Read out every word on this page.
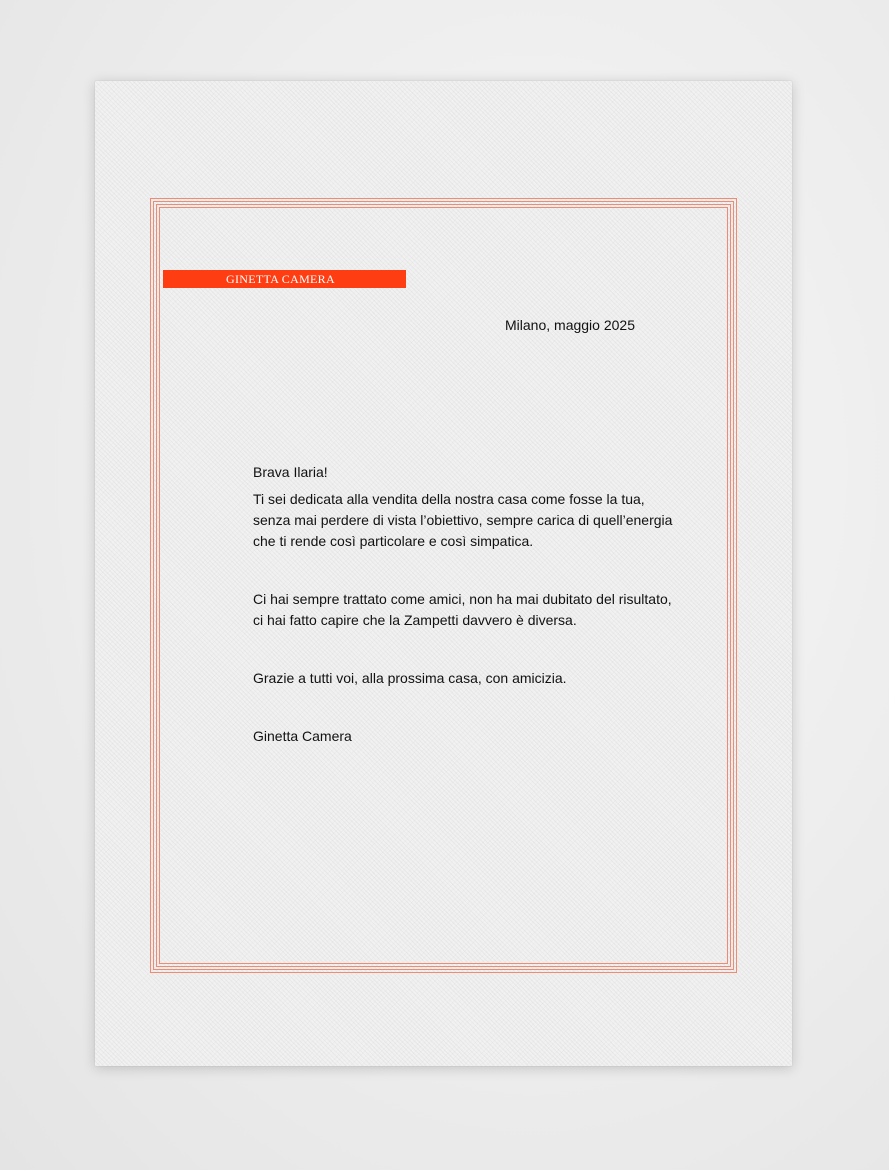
GINETTA CAMERA
Milano, maggio 2025

Brava Ilaria!

Ti sei dedicata alla vendita della nostra casa come fosse la tua, senza mai perdere di vista l’obiettivo, sempre carica di quell’energia che ti rende così particolare e così simpatica.

Ci hai sempre trattato come amici, non ha mai dubitato del risultato, ci hai fatto capire che la Zampetti davvero è diversa.

Grazie a tutti voi, alla prossima casa, con amicizia.

Ginetta Camera
